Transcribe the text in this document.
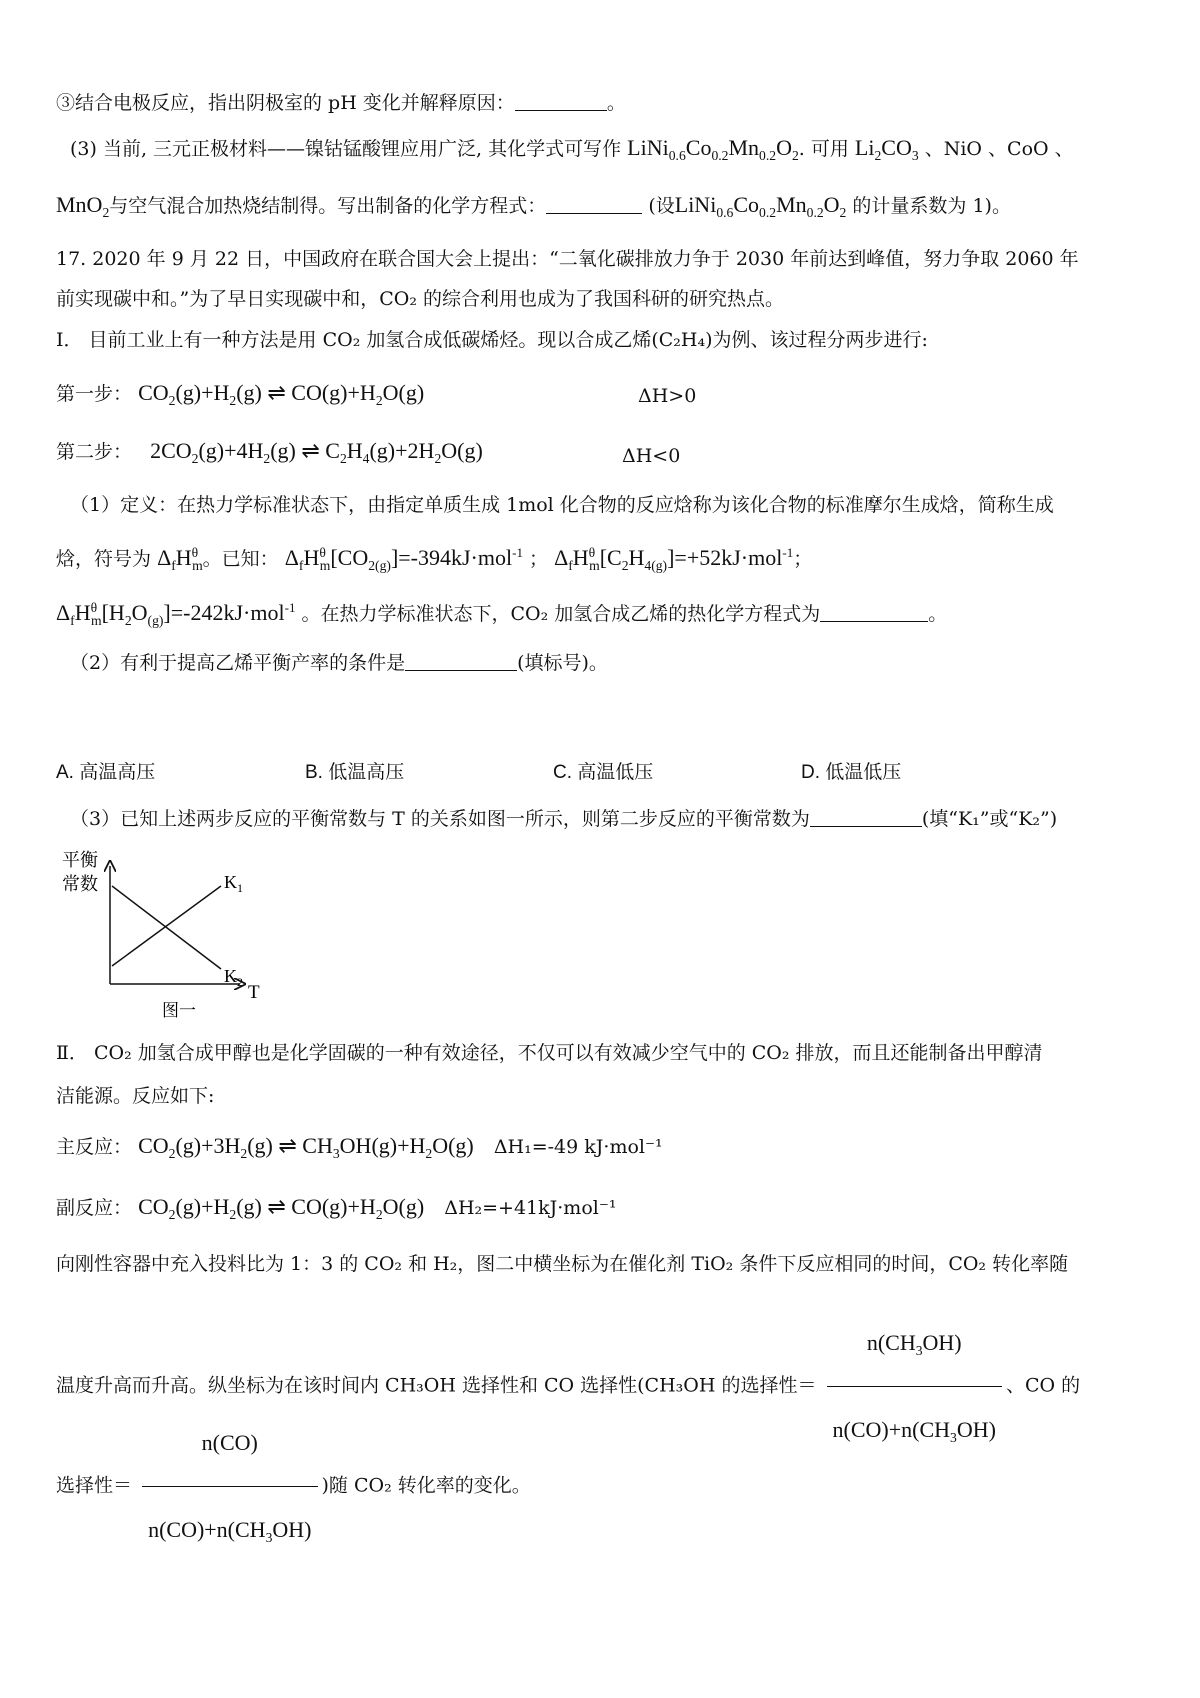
③结合电极反应，指出阴极室的 pH 变化并解释原因：	。
(3) 当前, 三元正极材料——镍钴锰酸锂应用广泛, 其化学式可写作 $LiNi_{0.6}Co_{0.2}Mn_{0.2}O_2$. 可用 $Li_2CO_3$ 、NiO 、CoO 、
MnO$_2$与空气混合加热烧结制得。写出制备的化学方程式：	(设$LiNi_{0.6}Co_{0.2}Mn_{0.2}O_2$ 的计量系数为 1)。
17. 2020 年 9 月 22 日，中国政府在联合国大会上提出：“二氧化碳排放力争于 2030 年前达到峰值，努力争取 2060 年
前实现碳中和。”为了早日实现碳中和，CO₂ 的综合利用也成为了我国科研的研究热点。
Ⅰ． 目前工业上有一种方法是用 CO₂ 加氢合成低碳烯烃。现以合成乙烯(C₂H₄)为例、该过程分两步进行:
第一步： $CO_2(g)+H_2(g)$ ⇌ $CO(g)+H_2O(g)$	ΔH>0
第二步： $2CO_2(g)+4H_2(g)$ ⇌ $C_2H_4(g)+2H_2O(g)$	ΔH<0
（1）定义：在热力学标准状态下，由指定单质生成 1mol 化合物的反应焓称为该化合物的标准摩尔生成焓，简称生成
焓，符号为 $\Delta_fH^\theta_m$。已知： $\Delta_fH^\theta_m[CO_{2(g)}]=-394kJ\cdot mol^{-1}$ ； $\Delta_fH^\theta_m[C_2H_{4(g)}]=+52kJ\cdot mol^{-1}$；
$\Delta_fH^\theta_m[H_2O_{(g)}]=-242kJ\cdot mol^{-1}$ 。在热力学标准状态下，CO₂ 加氢合成乙烯的热化学方程式为	。
（2）有利于提高乙烯平衡产率的条件是	(填标号)。
A. 高温高压	B. 低温高压	C. 高温低压	D. 低温低压
（3）已知上述两步反应的平衡常数与 T 的关系如图一所示，则第二步反应的平衡常数为	(填“K₁”或“K₂”)
平衡
常数	$K_1$
$K_2$ T
图一
Ⅱ． CO₂ 加氢合成甲醇也是化学固碳的一种有效途径，不仅可以有效减少空气中的 CO₂ 排放，而且还能制备出甲醇清
洁能源。反应如下:
主反应： $CO_2(g)+3H_2(g)$ ⇌ $CH_3OH(g)+H_2O(g)$ ΔH₁=-49 kJ·mol⁻¹
副反应： $CO_2(g)+H_2(g)$ ⇌ $CO(g)+H_2O(g)$ ΔH₂=+41kJ·mol⁻¹
向刚性容器中充入投料比为 1：3 的 CO₂ 和 H₂，图二中横坐标为在催化剂 TiO₂ 条件下反应相同的时间，CO₂ 转化率随
温度升高而升高。纵坐标为在该时间内 CH₃OH 选择性和 CO 选择性(CH₃OH 的选择性＝ $\frac{n(CH_3OH)}{n(CO)+n(CH_3OH)}$ 、CO 的
选择性＝ $\frac{n(CO)}{n(CO)+n(CH_3OH)}$ )随 CO₂ 转化率的变化。
